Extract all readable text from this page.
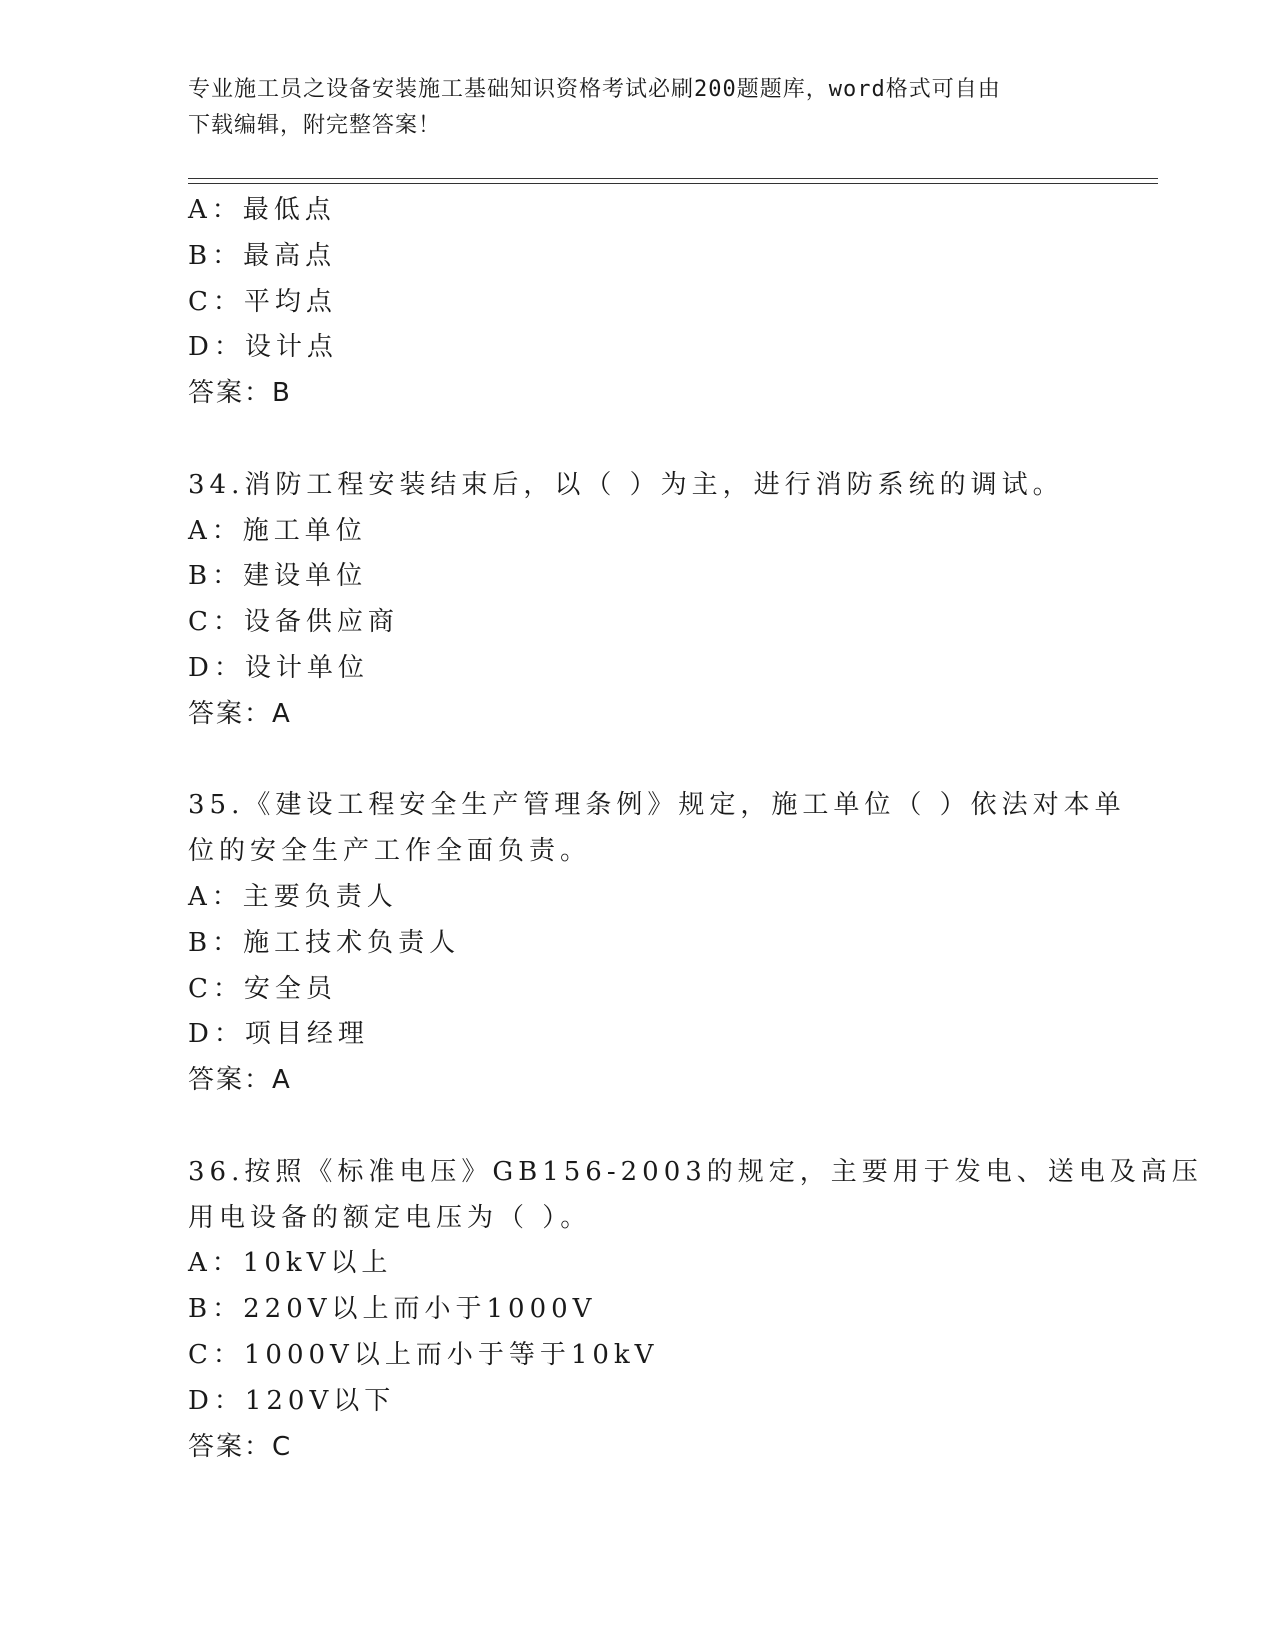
专业施工员之设备安装施工基础知识资格考试必刷200题题库，word格式可自由
下载编辑，附完整答案！
A：最低点
B：最高点
C：平均点
D：设计点
答案：B
34.消防工程安装结束后，以（ ）为主，进行消防系统的调试。
A：施工单位
B：建设单位
C：设备供应商
D：设计单位
答案：A
35.《建设工程安全生产管理条例》规定，施工单位（ ）依法对本单
位的安全生产工作全面负责。
A：主要负责人
B：施工技术负责人
C：安全员
D：项目经理
答案：A
36.按照《标准电压》GB156-2003的规定，主要用于发电、送电及高压
用电设备的额定电压为（ ）。
A：10kV以上
B：220V以上而小于1000V
C：1000V以上而小于等于10kV
D：120V以下
答案：C
